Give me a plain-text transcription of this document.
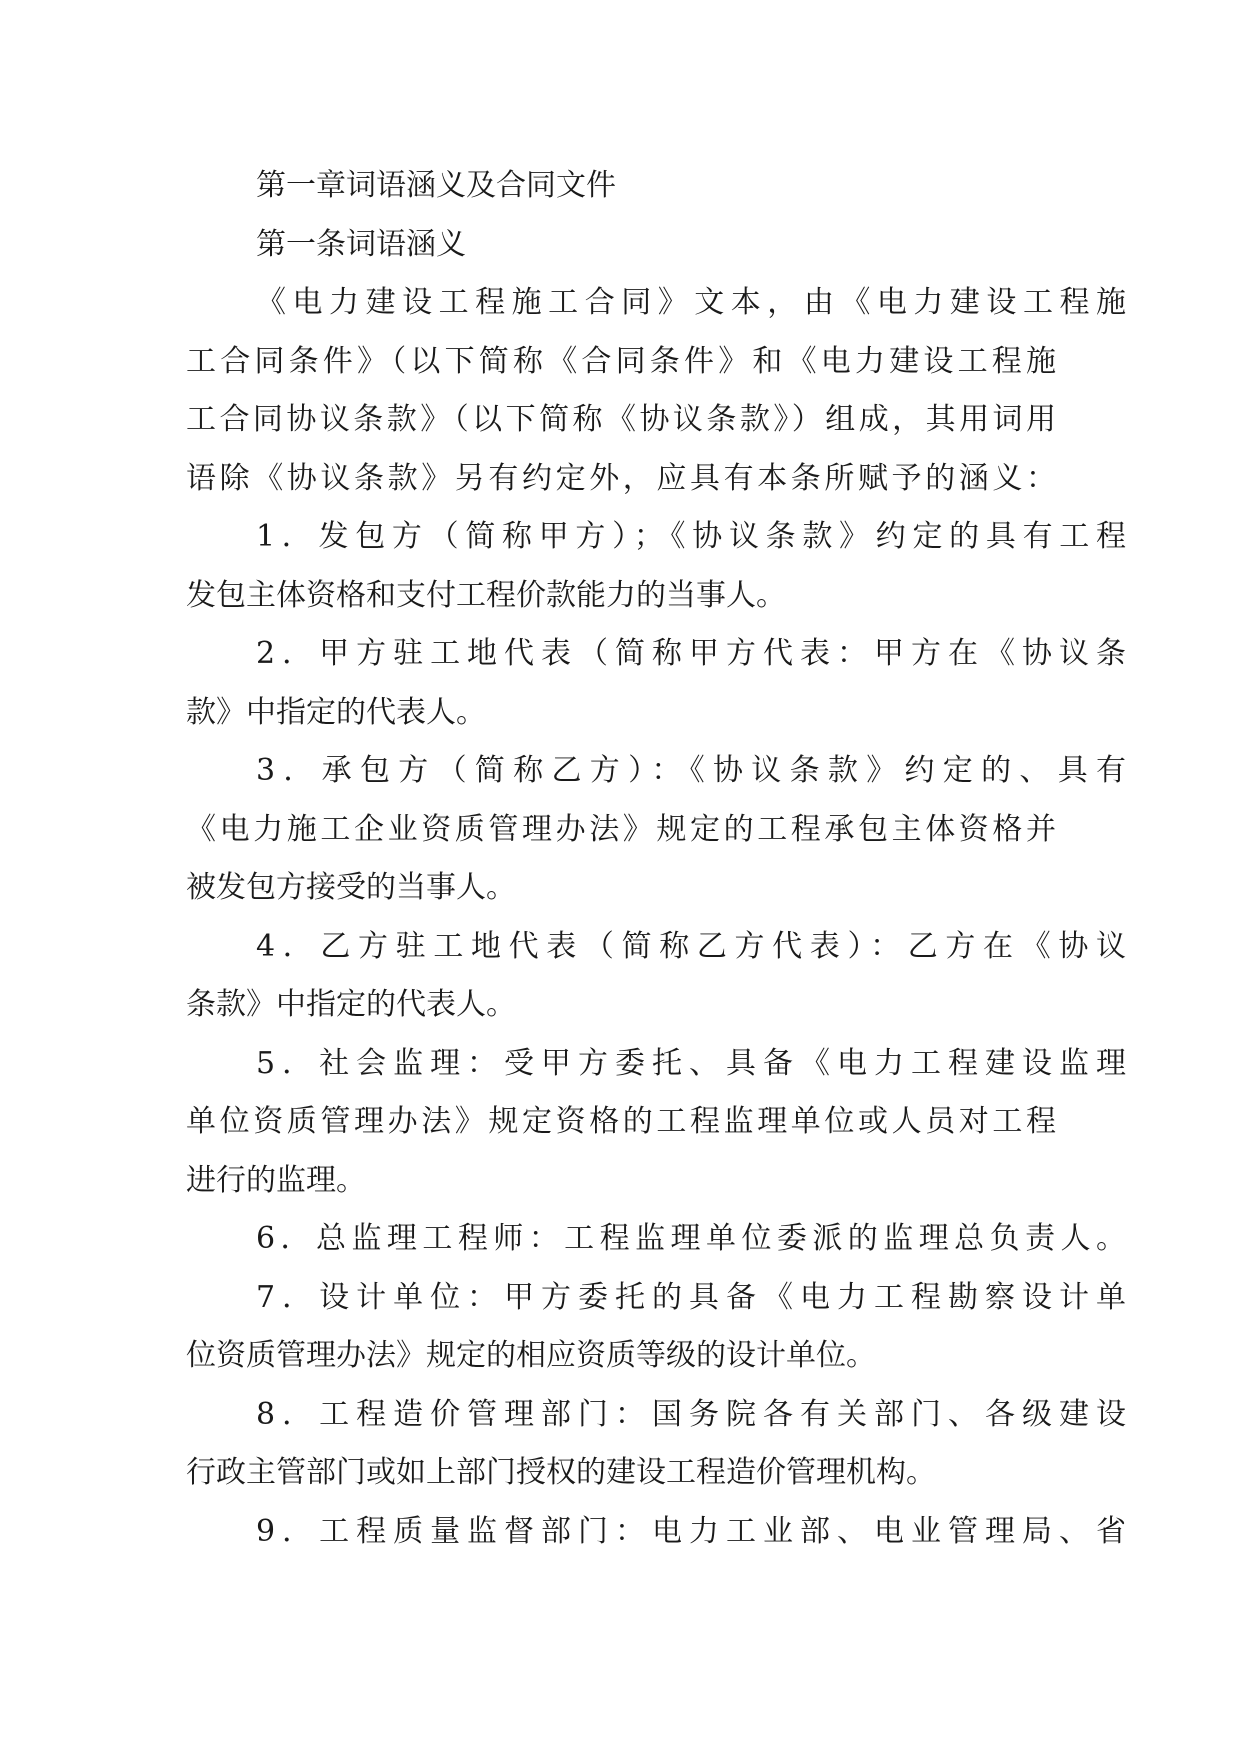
第一章词语涵义及合同文件
第一条词语涵义
《电力建设工程施工合同》文本，由《电力建设工程施
工合同条件》（以下简称《合同条件》和《电力建设工程施
工合同协议条款》（以下简称《协议条款》）组成，其用词用
语除《协议条款》另有约定外，应具有本条所赋予的涵义：
1．发包方（简称甲方）；《协议条款》约定的具有工程
发包主体资格和支付工程价款能力的当事人。
2．甲方驻工地代表（简称甲方代表：甲方在《协议条
款》中指定的代表人。
3．承包方（简称乙方）：《协议条款》约定的、具有
《电力施工企业资质管理办法》规定的工程承包主体资格并
被发包方接受的当事人。
4．乙方驻工地代表（简称乙方代表）：乙方在《协议
条款》中指定的代表人。
5．社会监理：受甲方委托、具备《电力工程建设监理
单位资质管理办法》规定资格的工程监理单位或人员对工程
进行的监理。
6．总监理工程师：工程监理单位委派的监理总负责人。
7．设计单位：甲方委托的具备《电力工程勘察设计单
位资质管理办法》规定的相应资质等级的设计单位。
8．工程造价管理部门：国务院各有关部门、各级建设
行政主管部门或如上部门授权的建设工程造价管理机构。
9．工程质量监督部门：电力工业部、电业管理局、省
